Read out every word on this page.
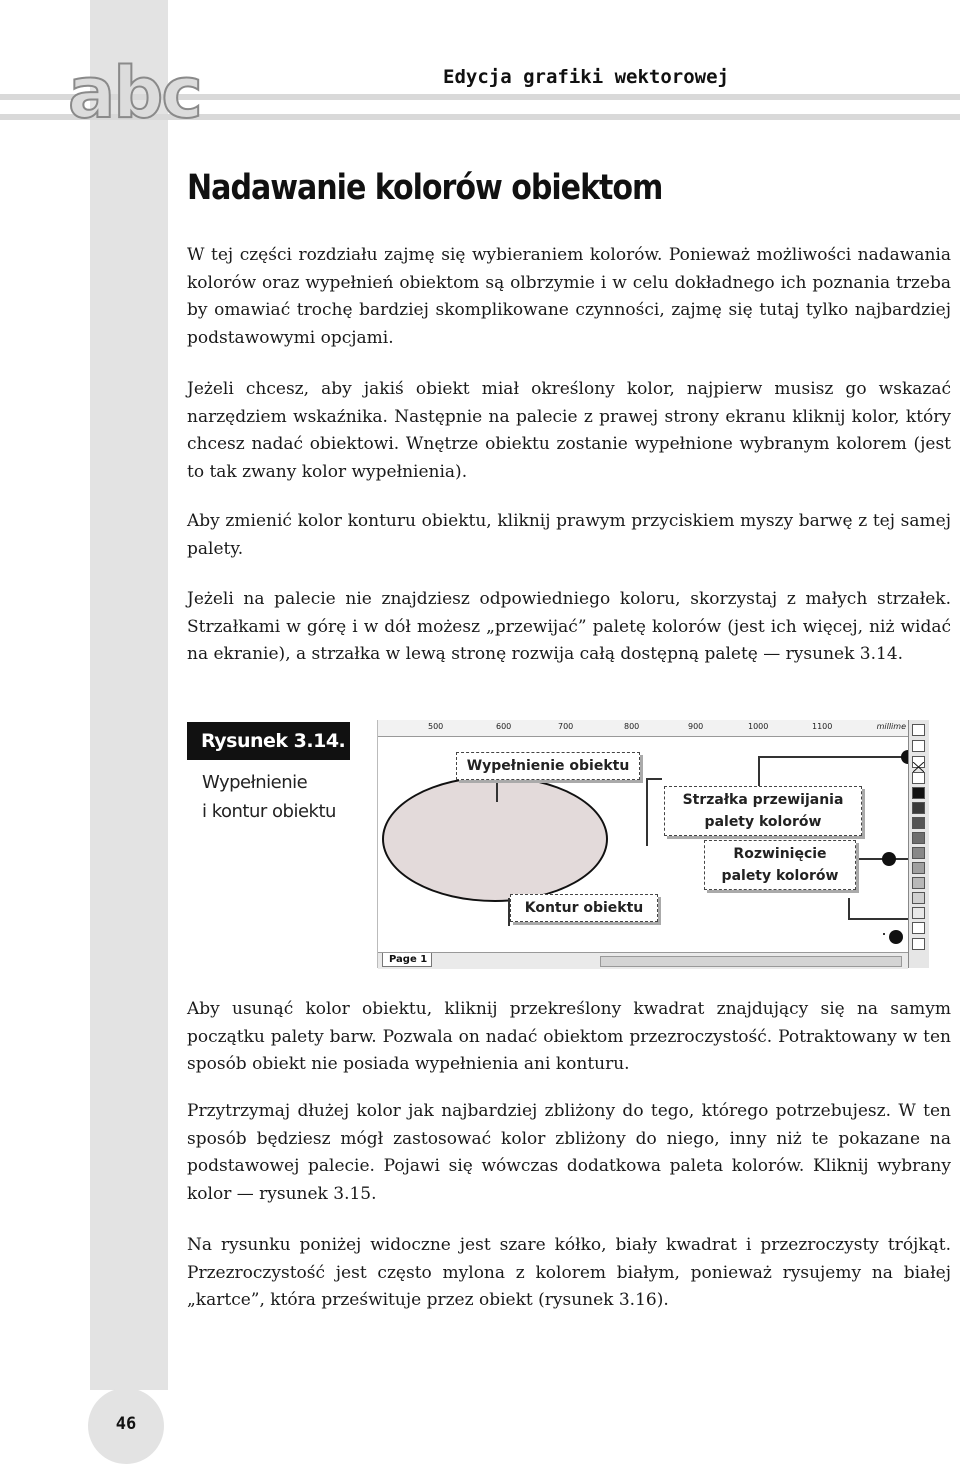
abc	Edycja grafiki wektorowej
Nadawanie kolorów obiektom

W tej części rozdziału zajmę się wybieraniem kolorów. Ponieważ możliwości nadawania kolorów oraz wypełnień obiektom są olbrzymie i w celu dokładnego ich poznania trzeba by omawiać trochę bardziej skomplikowane czynności, zajmę się tutaj tylko najbardziej podstawowymi opcjami.

Jeżeli chcesz, aby jakiś obiekt miał określony kolor, najpierw musisz go wskazać narzędziem wskaźnika. Następnie na palecie z prawej strony ekranu kliknij kolor, który chcesz nadać obiektowi. Wnętrze obiektu zostanie wypełnione wybranym kolorem (jest to tak zwany kolor wypełnienia).

Aby zmienić kolor konturu obiektu, kliknij prawym przyciskiem myszy barwę z tej samej palety.

Jeżeli na palecie nie znajdziesz odpowiedniego koloru, skorzystaj z małych strzałek. Strzałkami w górę i w dół możesz „przewijać” paletę kolorów (jest ich więcej, niż widać na ekranie), a strzałka w lewą stronę rozwija całą dostępną paletę — rysunek 3.14.

Rysunek 3.14.
Wypełnienie
i kontur obiektu
500	600	700	800	900	1000	1100	millime
Wypełnienie obiektu
Strzałka przewijania
palety kolorów
Rozwinięcie
palety kolorów
Kontur obiektu
Page 1

Aby usunąć kolor obiektu, kliknij przekreślony kwadrat znajdujący się na samym początku palety barw. Pozwala on nadać obiektom przezroczystość. Potraktowany w ten sposób obiekt nie posiada wypełnienia ani konturu.

Przytrzymaj dłużej kolor jak najbardziej zbliżony do tego, którego potrzebujesz. W ten sposób będziesz mógł zastosować kolor zbliżony do niego, inny niż te pokazane na podstawowej palecie. Pojawi się wówczas dodatkowa paleta kolorów. Kliknij wybrany kolor — rysunek 3.15.

Na rysunku poniżej widoczne jest szare kółko, biały kwadrat i przezroczysty trójkąt. Przezroczystość jest często mylona z kolorem białym, ponieważ rysujemy na białej „kartce”, która prześwituje przez obiekt (rysunek 3.16).

46
